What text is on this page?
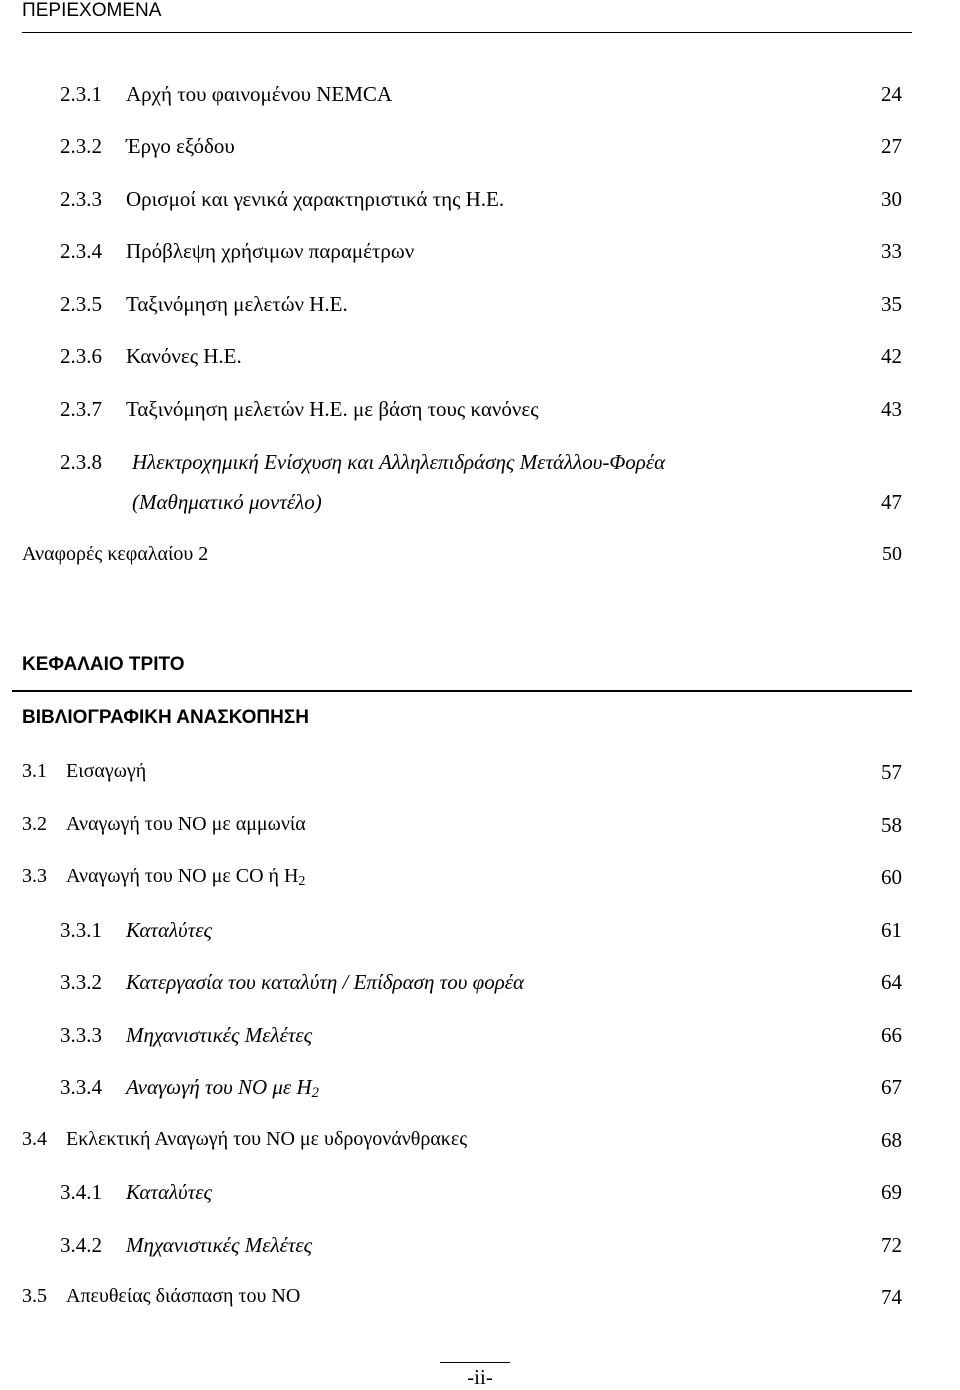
ΠΕΡΙΕΧΟΜΕΝΑ
2.3.1 Αρχή του φαινομένου NEMCA	24
2.3.2 Έργο εξόδου	27
2.3.3 Ορισμοί και γενικά χαρακτηριστικά της Η.Ε.	30
2.3.4 Πρόβλεψη χρήσιμων παραμέτρων	33
2.3.5 Ταξινόμηση μελετών Η.Ε.	35
2.3.6 Κανόνες Η.Ε.	42
2.3.7 Ταξινόμηση μελετών Η.Ε. με βάση τους κανόνες	43
2.3.8 Ηλεκτροχημική Ενίσχυση και Αλληλεπιδράσης Μετάλλου-Φορέα
(Μαθηματικό μοντέλο)	47
Αναφορές κεφαλαίου 2	50
ΚΕΦΑΛΑΙΟ ΤΡΙΤΟ
ΒΙΒΛΙΟΓΡΑΦΙΚΗ ΑΝΑΣΚΟΠΗΣΗ
3.1 Εισαγωγή	57
3.2 Αναγωγή του ΝΟ με αμμωνία	58
3.3 Αναγωγή του ΝΟ με CO ή $H_2$	60
3.3.1 Καταλύτες	61
3.3.2 Κατεργασία του καταλύτη / Επίδραση του φορέα	64
3.3.3 Μηχανιστικές Μελέτες	66
3.3.4 Αναγωγή του ΝΟ με $H_2$	67
3.4 Εκλεκτική Αναγωγή του ΝΟ με υδρογονάνθρακες	68
3.4.1 Καταλύτες	69
3.4.2 Μηχανιστικές Μελέτες	72
3.5 Απευθείας διάσπαση του ΝΟ	74
-ii-
